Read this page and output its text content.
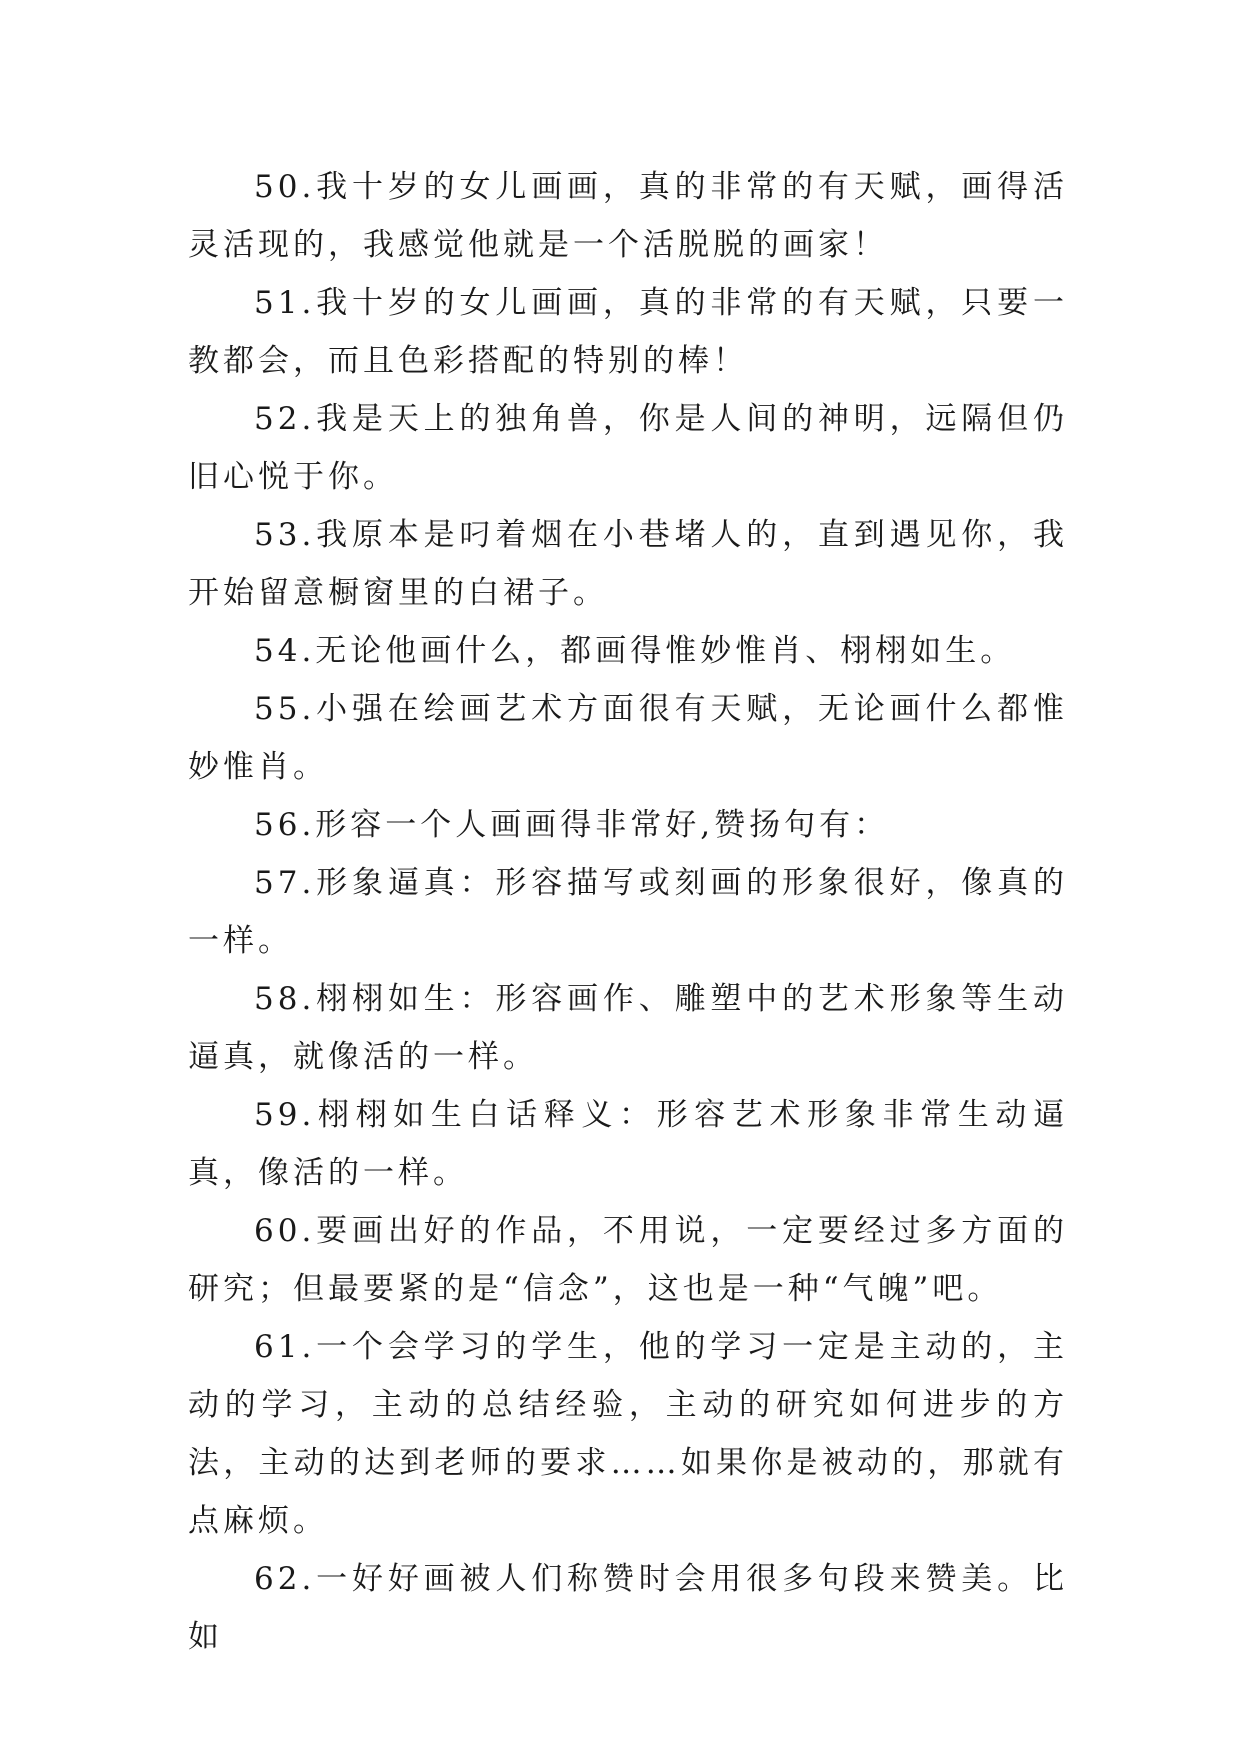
50.我十岁的女儿画画，真的非常的有天赋，画得活灵活现的，我感觉他就是一个活脱脱的画家！

51.我十岁的女儿画画，真的非常的有天赋，只要一教都会，而且色彩搭配的特别的棒！

52.我是天上的独角兽，你是人间的神明，远隔但仍旧心悦于你。

53.我原本是叼着烟在小巷堵人的，直到遇见你，我开始留意橱窗里的白裙子。

54.无论他画什么，都画得惟妙惟肖、栩栩如生。

55.小强在绘画艺术方面很有天赋，无论画什么都惟妙惟肖。

56.形容一个人画画得非常好,赞扬句有：

57.形象逼真：形容描写或刻画的形象很好，像真的一样。

58.栩栩如生：形容画作、雕塑中的艺术形象等生动逼真，就像活的一样。

59.栩栩如生白话释义：形容艺术形象非常生动逼真，像活的一样。

60.要画出好的作品，不用说，一定要经过多方面的研究；但最要紧的是“信念”，这也是一种“气魄”吧。

61.一个会学习的学生，他的学习一定是主动的，主动的学习，主动的总结经验，主动的研究如何进步的方法，主动的达到老师的要求……如果你是被动的，那就有点麻烦。

62.一好好画被人们称赞时会用很多句段来赞美。比如
